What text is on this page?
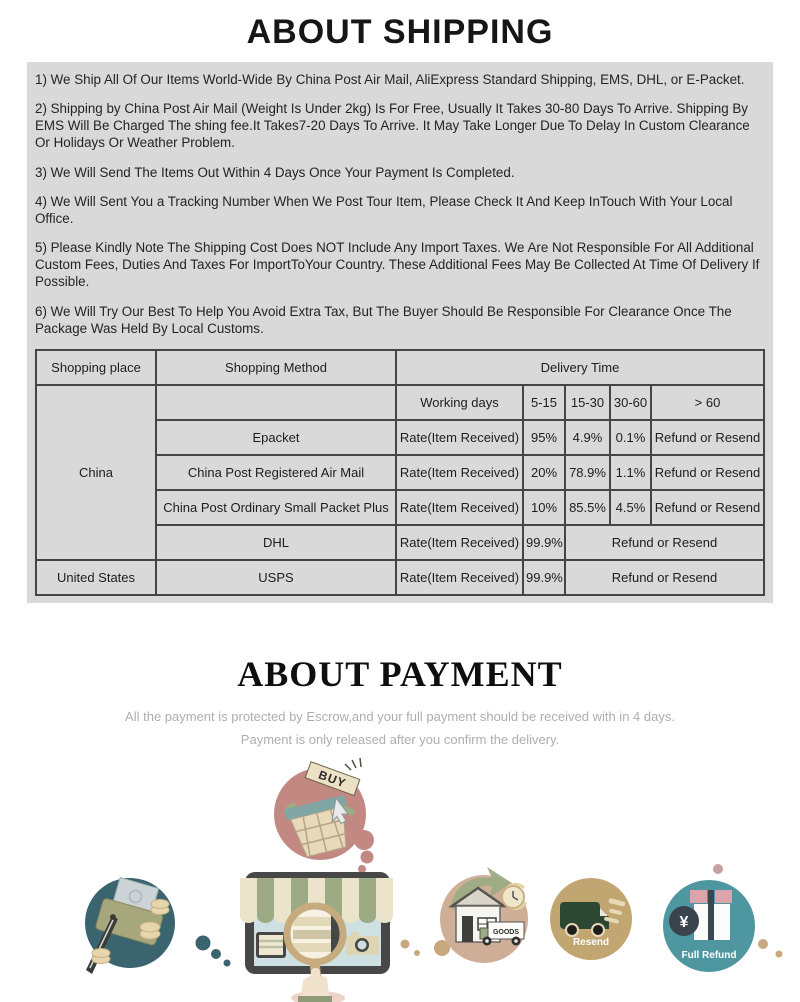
ABOUT SHIPPING

1) We Ship All Of Our Items World-Wide By China Post Air Mail, AliExpress Standard Shipping, EMS, DHL, or E-Packet.

2) Shipping by China Post Air Mail (Weight Is Under 2kg) Is For Free, Usually It Takes 30-80 Days To Arrive. Shipping By EMS Will Be Charged The shing fee.It Takes7-20 Days To Arrive. It May Take Longer Due To Delay In Custom Clearance Or Holidays Or Weather Problem.

3) We Will Send The Items Out Within 4 Days Once Your Payment Is Completed.

4) We Will Sent You a Tracking Number When We Post Tour Item, Please Check It And Keep InTouch With Your Local Office.

5) Please Kindly Note The Shipping Cost Does NOT Include Any Import Taxes. We Are Not Responsible For All Additional Custom Fees, Duties And Taxes For ImportToYour Country. These Additional Fees May Be Collected At Time Of Delivery If Possible.

6) We Will Try Our Best To Help You Avoid Extra Tax, But The Buyer Should Be Responsible For Clearance Once The Package Was Held By Local Customs.

Shopping place	Shopping Method	Delivery Time				
China		Working days	5-15	15-30	30-60	> 60
	Epacket	Rate(Item Received)	95%	4.9%	0.1%	Refund or Resend
	China Post Registered Air Mail	Rate(Item Received)	20%	78.9%	1.1%	Refund or Resend
	China Post Ordinary Small Packet Plus	Rate(Item Received)	10%	85.5%	4.5%	Refund or Resend
	DHL	Rate(Item Received)	99.9%	Refund or Resend		
United States	USPS	Rate(Item Received)	99.9%	Refund or Resend		
ABOUT PAYMENT

All the payment is protected by Escrow,and your full payment should be received with in 4 days.

Payment is only released after you confirm the delivery.

BUY
GOODS
Resend
¥
Full Refund
